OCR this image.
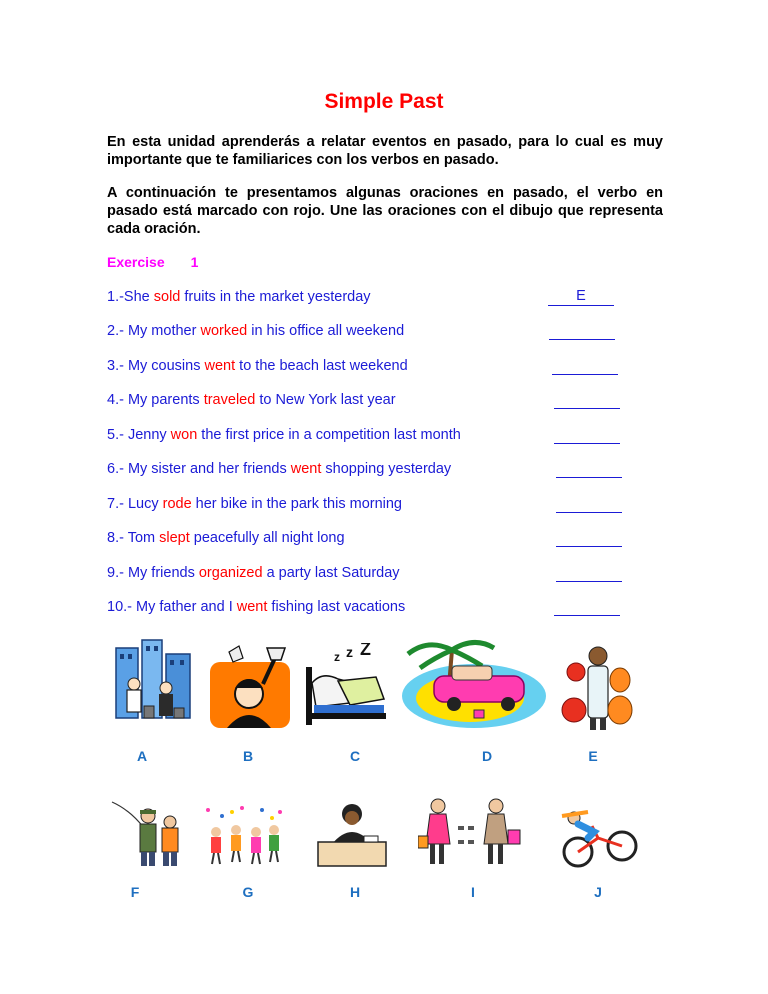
Simple Past
En esta unidad aprenderás a relatar eventos en pasado, para lo cual es muy importante que te familiarices con los verbos en pasado.
A continuación te presentamos algunas oraciones en pasado, el verbo en pasado está marcado con rojo. Une las oraciones con el dibujo que representa cada oración.
Exercise 1
1.-She sold fruits in the market yesterday	E
2.- My mother worked in his office all weekend
3.- My cousins went to the beach last weekend
4.- My parents traveled to New York last year
5.- Jenny won the first price in a competition last month
6.- My sister and her friends went shopping yesterday
7.- Lucy rode her bike in the park this morning
8.- Tom slept peacefully all night long
9.- My friends organized a party last Saturday
10.- My father and I went fishing last vacations
A	B
z z Z
C	D	E
F	G	H	I	J
